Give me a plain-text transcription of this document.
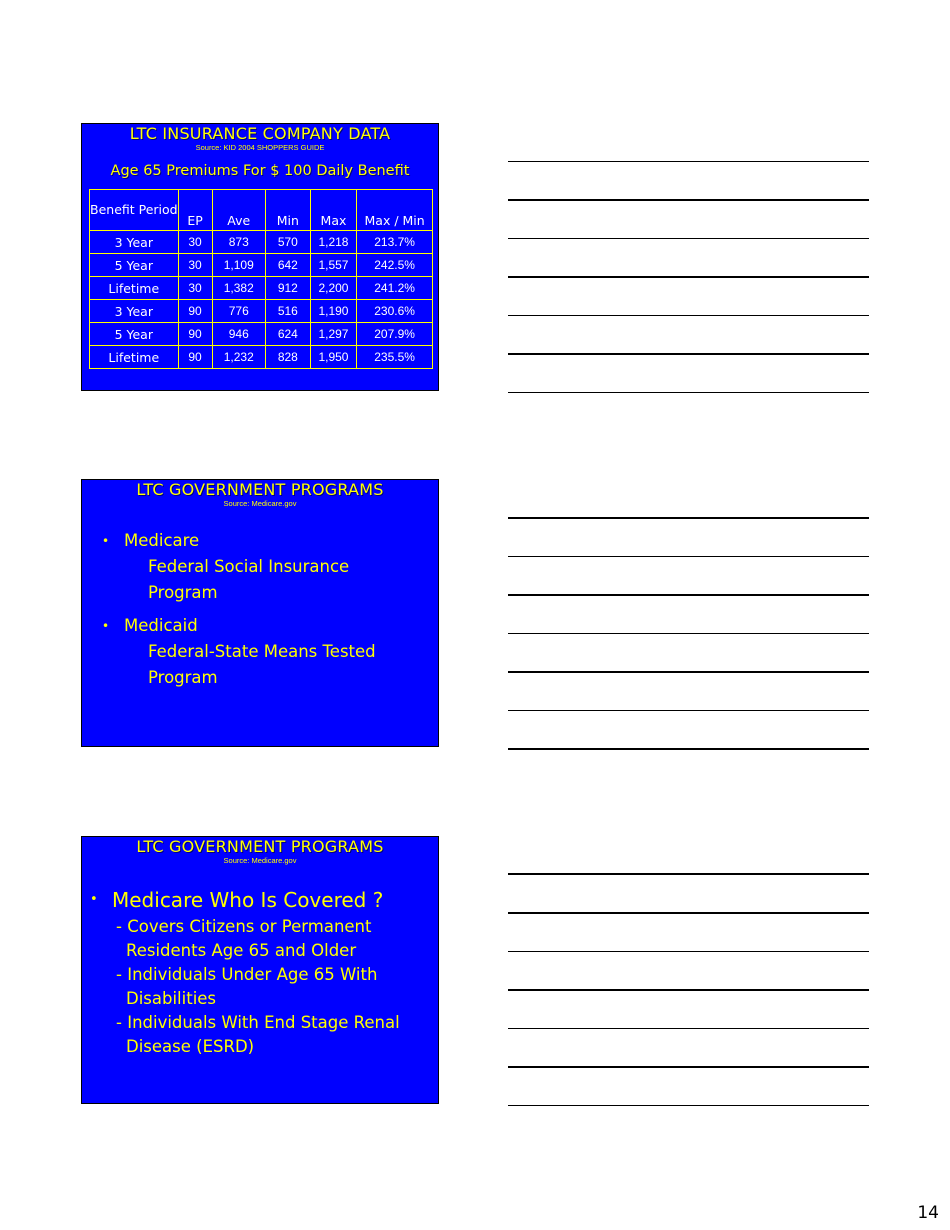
LTC INSURANCE COMPANY DATA
Source: KID 2004 SHOPPERS GUIDE
Age 65 Premiums For $ 100 Daily Benefit
Benefit Period	EP	Ave	Min	Max	Max / Min
3 Year	30	873	570	1,218	213.7%
5 Year	30	1,109	642	1,557	242.5%
Lifetime	30	1,382	912	2,200	241.2%
3 Year	90	776	516	1,190	230.6%
5 Year	90	946	624	1,297	207.9%
Lifetime	90	1,232	828	1,950	235.5%
LTC GOVERNMENT PROGRAMS
Source: Medicare.gov
• Medicare
Federal Social Insurance
Program
• Medicaid
Federal-State Means Tested
Program
LTC GOVERNMENT PROGRAMS
Source: Medicare.gov
• Medicare Who Is Covered ?
- Covers Citizens or Permanent
Residents Age 65 and Older
- Individuals Under Age 65 With
Disabilities
- Individuals With End Stage Renal
Disease (ESRD)
14
